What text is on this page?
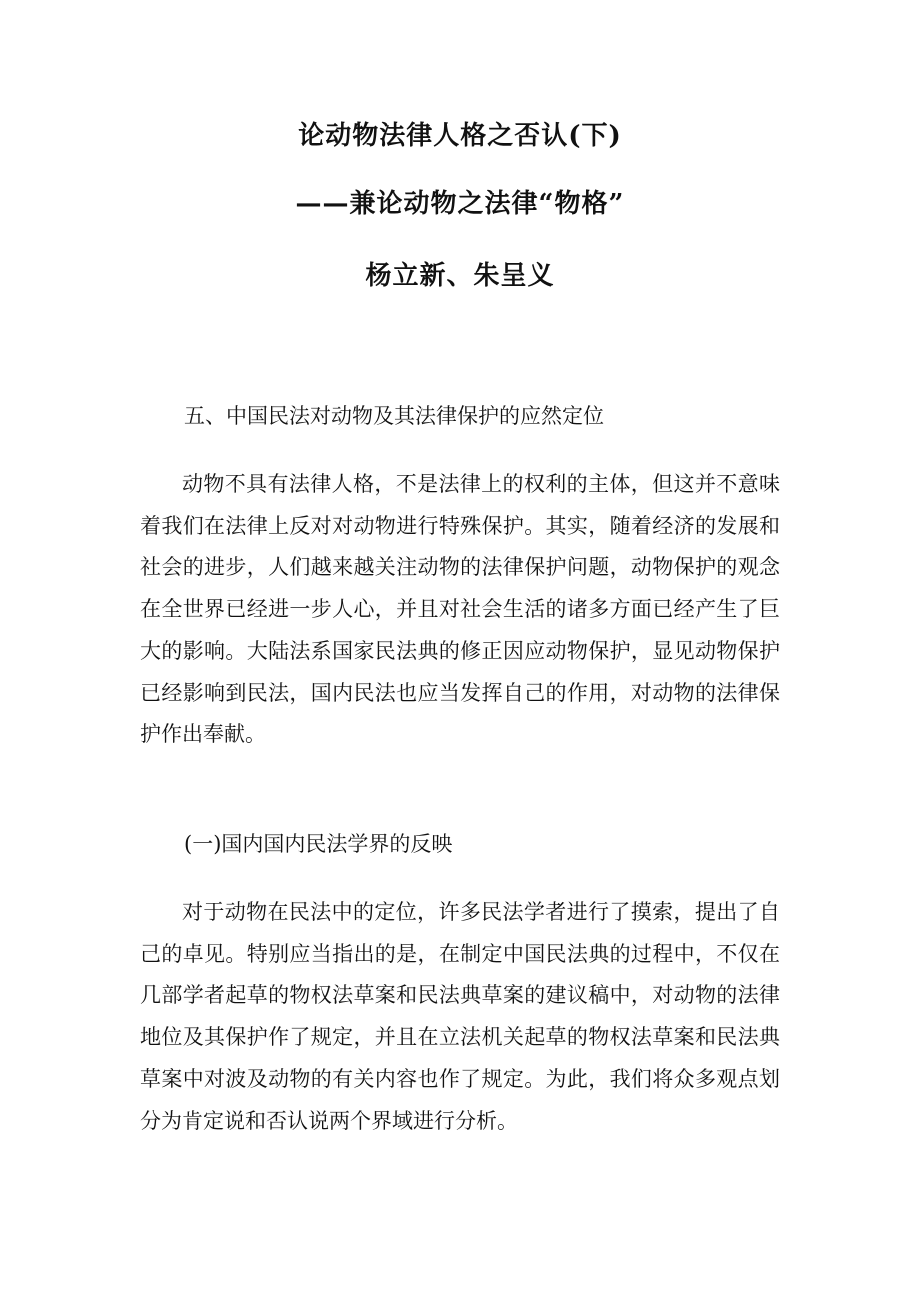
论动物法律人格之否认(下)
——兼论动物之法律“物格”
杨立新、朱呈义
五、中国民法对动物及其法律保护的应然定位

动物不具有法律人格，不是法律上的权利的主体，但这并不意味着我们在法律上反对对动物进行特殊保护。其实，随着经济的发展和社会的进步，人们越来越关注动物的法律保护问题，动物保护的观念在全世界已经进一步人心，并且对社会生活的诸多方面已经产生了巨大的影响。大陆法系国家民法典的修正因应动物保护，显见动物保护已经影响到民法，国内民法也应当发挥自己的作用，对动物的法律保护作出奉献。

(一)国内国内民法学界的反映

对于动物在民法中的定位，许多民法学者进行了摸索，提出了自己的卓见。特别应当指出的是，在制定中国民法典的过程中，不仅在几部学者起草的物权法草案和民法典草案的建议稿中，对动物的法律地位及其保护作了规定，并且在立法机关起草的物权法草案和民法典草案中对波及动物的有关内容也作了规定。为此，我们将众多观点划分为肯定说和否认说两个界域进行分析。
